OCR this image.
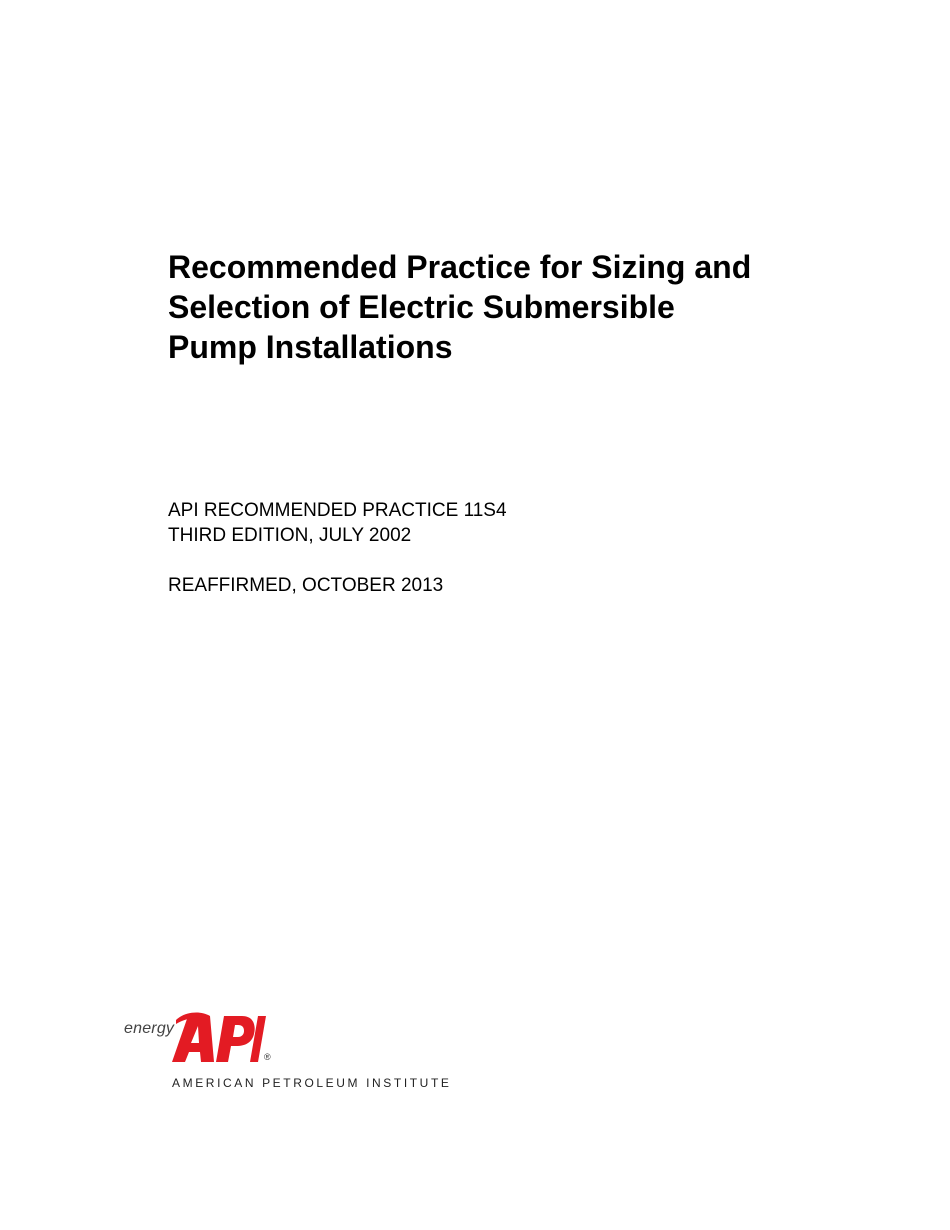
Recommended Practice for Sizing and
Selection of Electric Submersible
Pump Installations
API RECOMMENDED PRACTICE 11S4
THIRD EDITION, JULY 2002
REAFFIRMED, OCTOBER 2013
energy
®
AMERICAN PETROLEUM INSTITUTE
